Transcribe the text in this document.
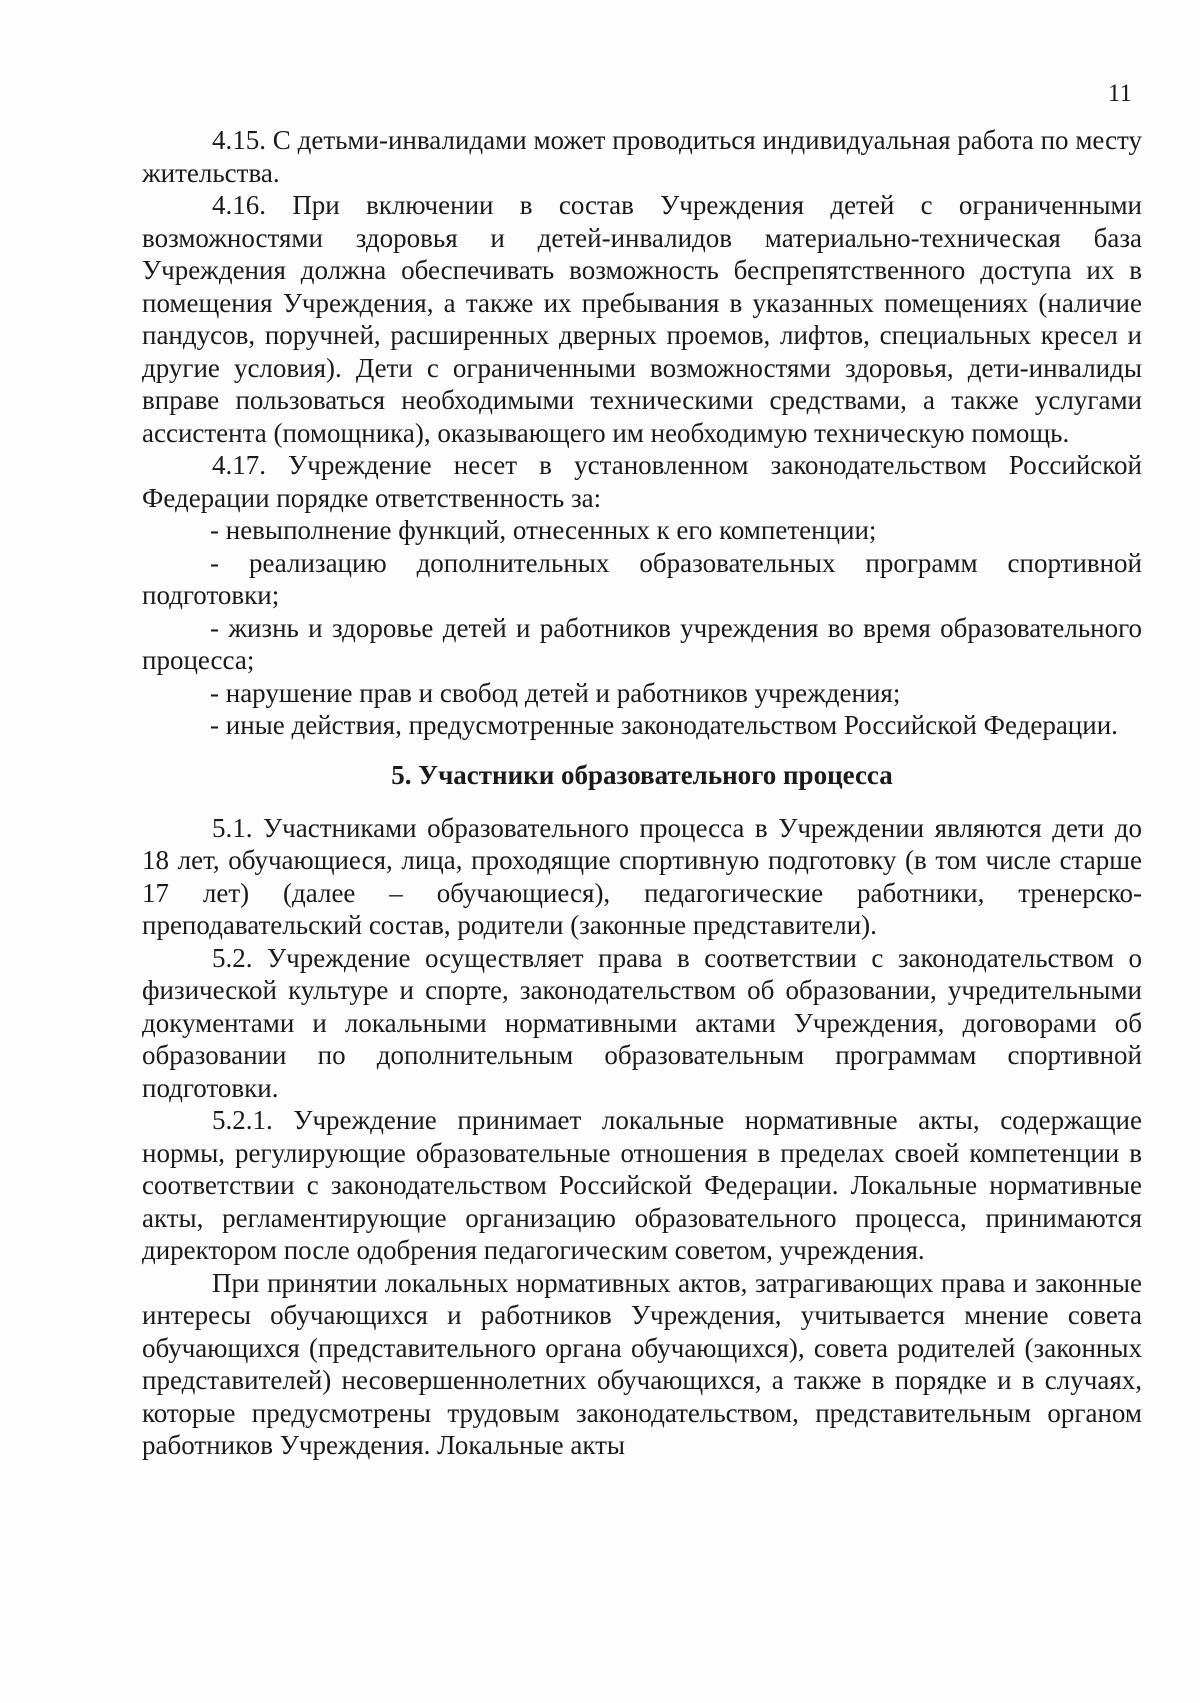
11

4.15. С детьми-инвалидами может проводиться индивидуальная работа по месту жительства.

4.16. При включении в состав Учреждения детей с ограниченными возможностями здоровья и детей-инвалидов материально-техническая база Учреждения должна обеспечивать возможность беспрепятственного доступа их в помещения Учреждения, а также их пребывания в указанных помещениях (наличие пандусов, поручней, расширенных дверных проемов, лифтов, специальных кресел и другие условия). Дети с ограниченными возможностями здоровья, дети-инвалиды вправе пользоваться необходимыми техническими средствами, а также услугами ассистента (помощника), оказывающего им необходимую техническую помощь.

4.17. Учреждение несет в установленном законодательством Российской Федерации порядке ответственность за:

- невыполнение функций, отнесенных к его компетенции;

- реализацию дополнительных образовательных программ спортивной подготовки;

- жизнь и здоровье детей и работников учреждения во время образовательного процесса;

- нарушение прав и свобод детей и работников учреждения;

- иные действия, предусмотренные законодательством Российской Федерации.

5. Участники образовательного процесса

5.1. Участниками образовательного процесса в Учреждении являются дети до 18 лет, обучающиеся, лица, проходящие спортивную подготовку (в том числе старше 17 лет) (далее – обучающиеся), педагогические работники, тренерско-преподавательский состав, родители (законные представители).

5.2. Учреждение осуществляет права в соответствии с законодательством о физической культуре и спорте, законодательством об образовании, учредительными документами и локальными нормативными актами Учреждения, договорами об образовании по дополнительным образовательным программам спортивной подготовки.

5.2.1. Учреждение принимает локальные нормативные акты, содержащие нормы, регулирующие образовательные отношения в пределах своей компетенции в соответствии с законодательством Российской Федерации. Локальные нормативные акты, регламентирующие организацию образовательного процесса, принимаются директором после одобрения педагогическим советом, учреждения.

При принятии локальных нормативных актов, затрагивающих права и законные интересы обучающихся и работников Учреждения, учитывается мнение совета обучающихся (представительного органа обучающихся), совета родителей (законных представителей) несовершеннолетних обучающихся, а также в порядке и в случаях, которые предусмотрены трудовым законодательством, представительным органом работников Учреждения. Локальные акты
